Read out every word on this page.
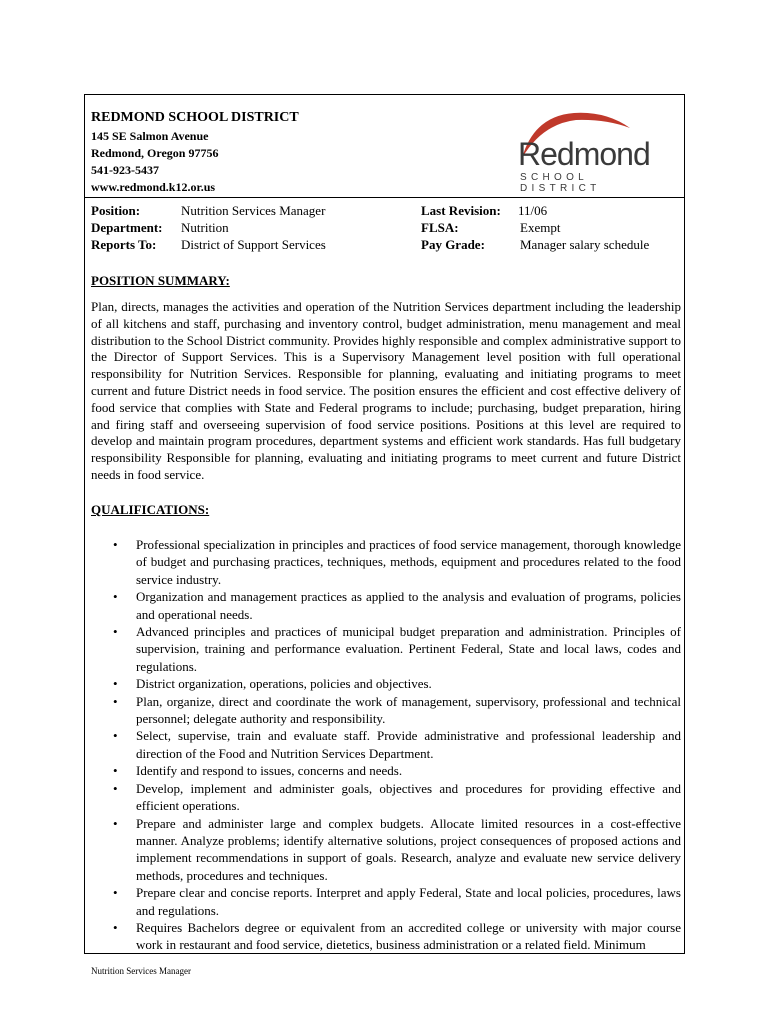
REDMOND SCHOOL DISTRICT
145 SE Salmon Avenue
Redmond, Oregon 97756
541-923-5437
www.redmond.k12.or.us
Redmond
SCHOOL DISTRICT
Position:	Nutrition Services Manager
Department: Nutrition
Reports To: District of Support Services
Last Revision: 11/06
FLSA:	Exempt
Pay Grade:	Manager salary schedule
POSITION SUMMARY:

Plan, directs, manages the activities and operation of the Nutrition Services department including the leadership of all kitchens and staff, purchasing and inventory control, budget administration, menu management and meal distribution to the School District community. Provides highly responsible and complex administrative support to the Director of Support Services. This is a Supervisory Management level position with full operational responsibility for Nutrition Services. Responsible for planning, evaluating and initiating programs to meet current and future District needs in food service. The position ensures the efficient and cost effective delivery of food service that complies with State and Federal programs to include; purchasing, budget preparation, hiring and firing staff and overseeing supervision of food service positions. Positions at this level are required to develop and maintain program procedures, department systems and efficient work standards. Has full budgetary responsibility Responsible for planning, evaluating and initiating programs to meet current and future District needs in food service.

QUALIFICATIONS:
• Professional specialization in principles and practices of food service management, thorough knowledge of budget and purchasing practices, techniques, methods, equipment and procedures related to the food service industry.
• Organization and management practices as applied to the analysis and evaluation of programs, policies and operational needs.
• Advanced principles and practices of municipal budget preparation and administration. Principles of supervision, training and performance evaluation. Pertinent Federal, State and local laws, codes and regulations.
• District organization, operations, policies and objectives.
• Plan, organize, direct and coordinate the work of management, supervisory, professional and technical personnel; delegate authority and responsibility.
• Select, supervise, train and evaluate staff. Provide administrative and professional leadership and direction of the Food and Nutrition Services Department.
• Identify and respond to issues, concerns and needs.
• Develop, implement and administer goals, objectives and procedures for providing effective and efficient operations.
• Prepare and administer large and complex budgets. Allocate limited resources in a cost-effective manner. Analyze problems; identify alternative solutions, project consequences of proposed actions and implement recommendations in support of goals. Research, analyze and evaluate new service delivery methods, procedures and techniques.
• Prepare clear and concise reports. Interpret and apply Federal, State and local policies, procedures, laws and regulations.
• Requires Bachelors degree or equivalent from an accredited college or university with major course work in restaurant and food service, dietetics, business administration or a related field. Minimum
Nutrition Services Manager
